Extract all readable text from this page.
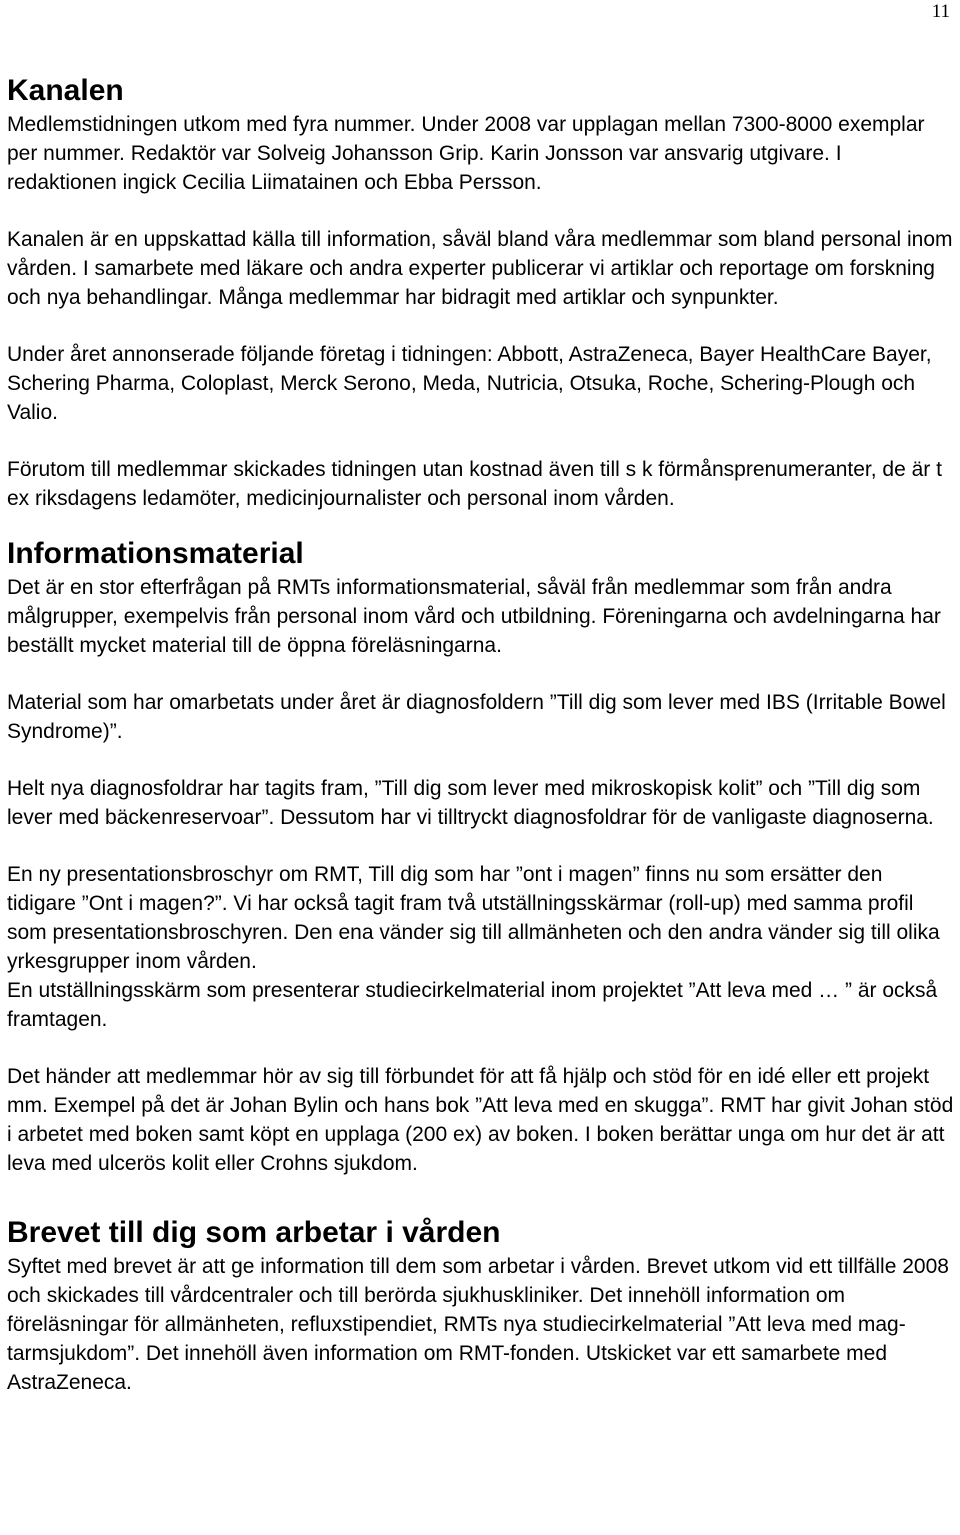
11
Kanalen

Medlemstidningen utkom med fyra nummer. Under 2008 var upplagan mellan 7300-8000 exemplar per nummer. Redaktör var Solveig Johansson Grip. Karin Jonsson var ansvarig utgivare. I redaktionen ingick Cecilia Liimatainen och Ebba Persson.

Kanalen är en uppskattad källa till information, såväl bland våra medlemmar som bland personal inom vården. I samarbete med läkare och andra experter publicerar vi artiklar och reportage om forskning och nya behandlingar. Många medlemmar har bidragit med artiklar och synpunkter.

Under året annonserade följande företag i tidningen: Abbott, AstraZeneca, Bayer HealthCare Bayer, Schering Pharma, Coloplast, Merck Serono, Meda, Nutricia, Otsuka, Roche, Schering-Plough och Valio.

Förutom till medlemmar skickades tidningen utan kostnad även till s k förmånsprenumeranter, de är t ex riksdagens ledamöter, medicinjournalister och personal inom vården.

Informationsmaterial

Det är en stor efterfrågan på RMTs informationsmaterial, såväl från medlemmar som från andra målgrupper, exempelvis från personal inom vård och utbildning. Föreningarna och avdelningarna har beställt mycket material till de öppna föreläsningarna.

Material som har omarbetats under året är diagnosfoldern ”Till dig som lever med IBS (Irritable Bowel Syndrome)”.

Helt nya diagnosfoldrar har tagits fram, ”Till dig som lever med mikroskopisk kolit” och ”Till dig som lever med bäckenreservoar”. Dessutom har vi tilltryckt diagnosfoldrar för de vanligaste diagnoserna.

En ny presentationsbroschyr om RMT, Till dig som har ”ont i magen” finns nu som ersätter den tidigare ”Ont i magen?”. Vi har också tagit fram två utställningsskärmar (roll-up) med samma profil som presentationsbroschyren. Den ena vänder sig till allmänheten och den andra vänder sig till olika yrkesgrupper inom vården.

En utställningsskärm som presenterar studiecirkelmaterial inom projektet ”Att leva med … ” är också framtagen.

Det händer att medlemmar hör av sig till förbundet för att få hjälp och stöd för en idé eller ett projekt mm. Exempel på det är Johan Bylin och hans bok ”Att leva med en skugga”. RMT har givit Johan stöd i arbetet med boken samt köpt en upplaga (200 ex) av boken. I boken berättar unga om hur det är att leva med ulcerös kolit eller Crohns sjukdom.

Brevet till dig som arbetar i vården

Syftet med brevet är att ge information till dem som arbetar i vården. Brevet utkom vid ett tillfälle 2008 och skickades till vårdcentraler och till berörda sjukhuskliniker. Det innehöll information om föreläsningar för allmänheten, refluxstipendiet, RMTs nya studiecirkelmaterial ”Att leva med mag-tarmsjukdom”. Det innehöll även information om RMT-fonden. Utskicket var ett samarbete med AstraZeneca.
